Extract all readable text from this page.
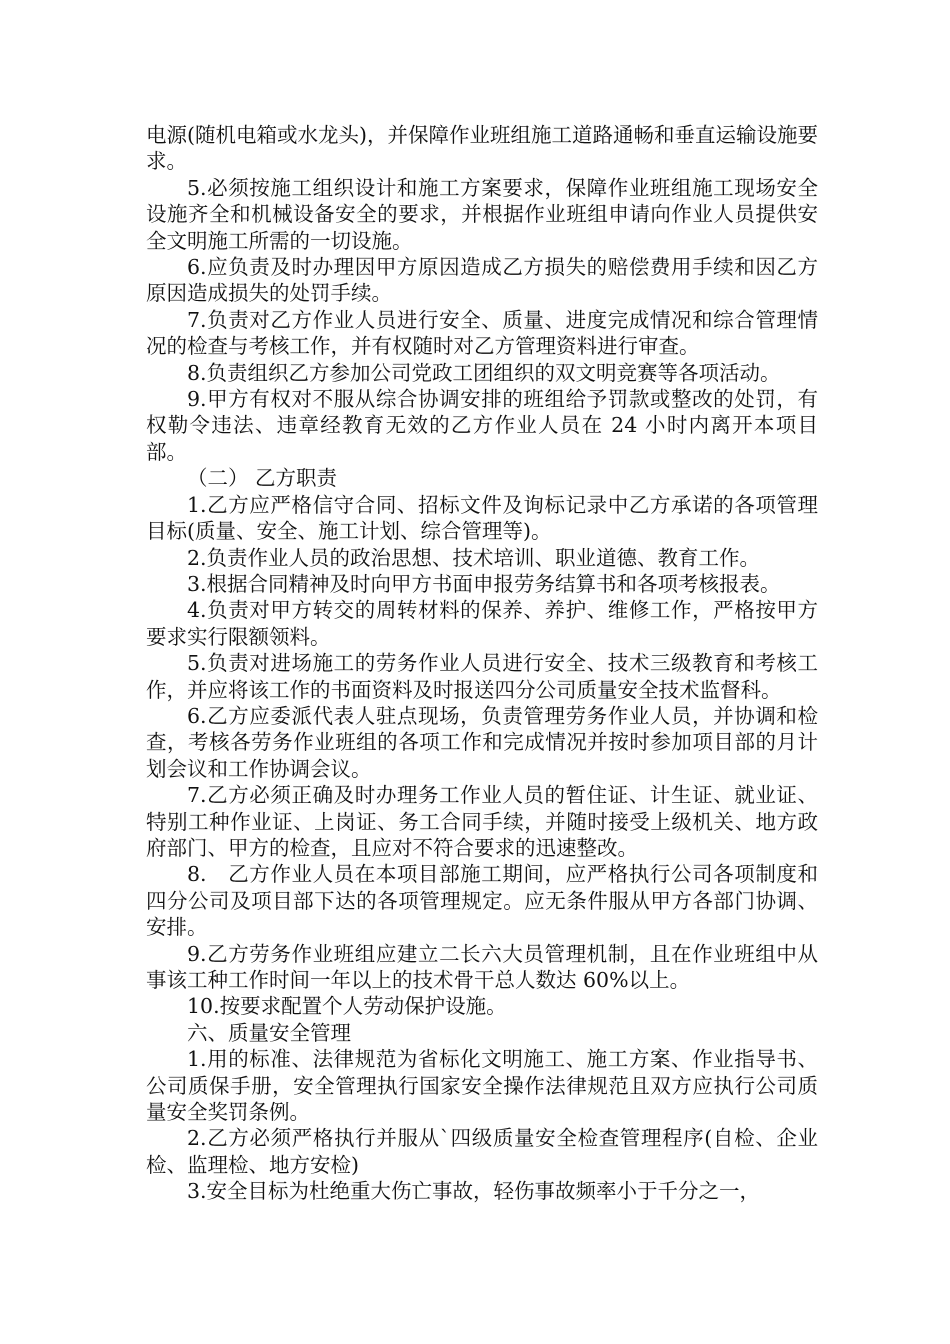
电源(随机电箱或水龙头)，并保障作业班组施工道路通畅和垂直运输设施要求。

5.必须按施工组织设计和施工方案要求，保障作业班组施工现场安全设施齐全和机械设备安全的要求，并根据作业班组申请向作业人员提供安全文明施工所需的一切设施。

6.应负责及时办理因甲方原因造成乙方损失的赔偿费用手续和因乙方原因造成损失的处罚手续。

7.负责对乙方作业人员进行安全、质量、进度完成情况和综合管理情况的检查与考核工作，并有权随时对乙方管理资料进行审查。

8.负责组织乙方参加公司党政工团组织的双文明竞赛等各项活动。

9.甲方有权对不服从综合协调安排的班组给予罚款或整改的处罚，有权勒令违法、违章经教育无效的乙方作业人员在 24 小时内离开本项目部。

（二） 乙方职责

1.乙方应严格信守合同、招标文件及询标记录中乙方承诺的各项管理目标(质量、安全、施工计划、综合管理等)。

2.负责作业人员的政治思想、技术培训、职业道德、教育工作。

3.根据合同精神及时向甲方书面申报劳务结算书和各项考核报表。

4.负责对甲方转交的周转材料的保养、养护、维修工作，严格按甲方要求实行限额领料。

5.负责对进场施工的劳务作业人员进行安全、技术三级教育和考核工作，并应将该工作的书面资料及时报送四分公司质量安全技术监督科。

6.乙方应委派代表人驻点现场，负责管理劳务作业人员，并协调和检查，考核各劳务作业班组的各项工作和完成情况并按时参加项目部的月计划会议和工作协调会议。

7.乙方必须正确及时办理务工作业人员的暂住证、计生证、就业证、特别工种作业证、上岗证、务工合同手续，并随时接受上级机关、地方政府部门、甲方的检查，且应对不符合要求的迅速整改。

8.　乙方作业人员在本项目部施工期间，应严格执行公司各项制度和四分公司及项目部下达的各项管理规定。应无条件服从甲方各部门协调、安排。

9.乙方劳务作业班组应建立二长六大员管理机制，且在作业班组中从事该工种工作时间一年以上的技术骨干总人数达 60%以上。

10.按要求配置个人劳动保护设施。

六、质量安全管理

1.用的标准、法律规范为省标化文明施工、施工方案、作业指导书、公司质保手册，安全管理执行国家安全操作法律规范且双方应执行公司质量安全奖罚条例。

2.乙方必须严格执行并服从`四级质量安全检查管理程序(自检、企业检、监理检、地方安检)

3.安全目标为杜绝重大伤亡事故，轻伤事故频率小于千分之一，
